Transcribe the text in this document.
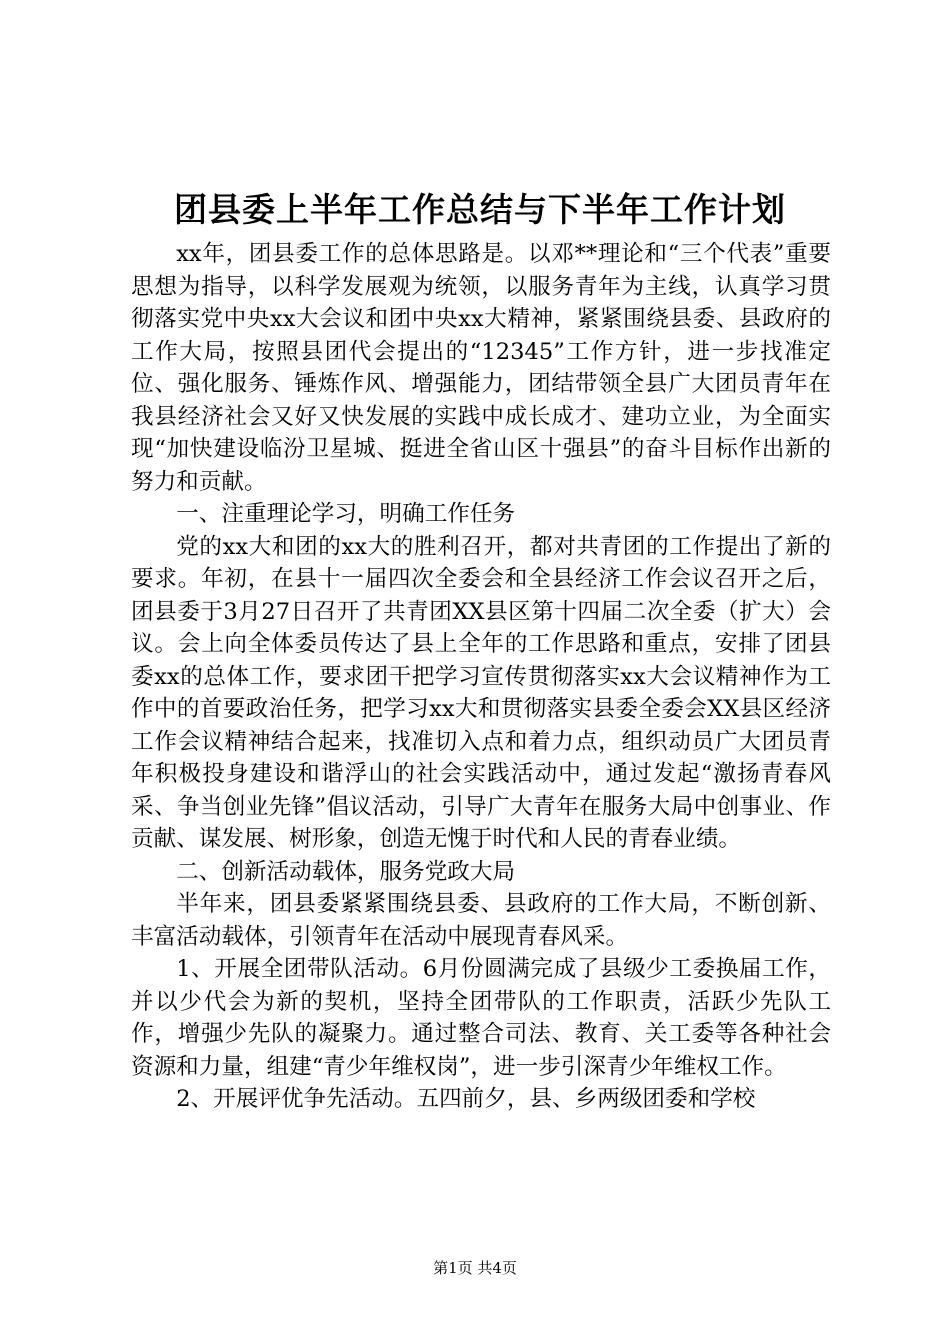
团县委上半年工作总结与下半年工作计划

xx年，团县委工作的总体思路是。以邓**理论和“三个代表”重要思想为指导，以科学发展观为统领，以服务青年为主线，认真学习贯彻落实党中央xx大会议和团中央xx大精神，紧紧围绕县委、县政府的工作大局，按照县团代会提出的“12345”工作方针，进一步找准定位、强化服务、锤炼作风、增强能力，团结带领全县广大团员青年在我县经济社会又好又快发展的实践中成长成才、建功立业，为全面实现“加快建设临汾卫星城、挺进全省山区十强县”的奋斗目标作出新的努力和贡献。

一、注重理论学习，明确工作任务

党的xx大和团的xx大的胜利召开，都对共青团的工作提出了新的要求。年初，在县十一届四次全委会和全县经济工作会议召开之后，团县委于3月27日召开了共青团XX县区第十四届二次全委（扩大）会议。会上向全体委员传达了县上全年的工作思路和重点，安排了团县委xx的总体工作，要求团干把学习宣传贯彻落实xx大会议精神作为工作中的首要政治任务，把学习xx大和贯彻落实县委全委会XX县区经济工作会议精神结合起来，找准切入点和着力点，组织动员广大团员青年积极投身建设和谐浮山的社会实践活动中，通过发起“激扬青春风采、争当创业先锋”倡议活动，引导广大青年在服务大局中创事业、作贡献、谋发展、树形象，创造无愧于时代和人民的青春业绩。

二、创新活动载体，服务党政大局

半年来，团县委紧紧围绕县委、县政府的工作大局，不断创新、丰富活动载体，引领青年在活动中展现青春风采。

1、开展全团带队活动。6月份圆满完成了县级少工委换届工作，并以少代会为新的契机，坚持全团带队的工作职责，活跃少先队工作，增强少先队的凝聚力。通过整合司法、教育、关工委等各种社会资源和力量，组建“青少年维权岗”，进一步引深青少年维权工作。

2、开展评优争先活动。五四前夕，县、乡两级团委和学校

第1页 共4页
